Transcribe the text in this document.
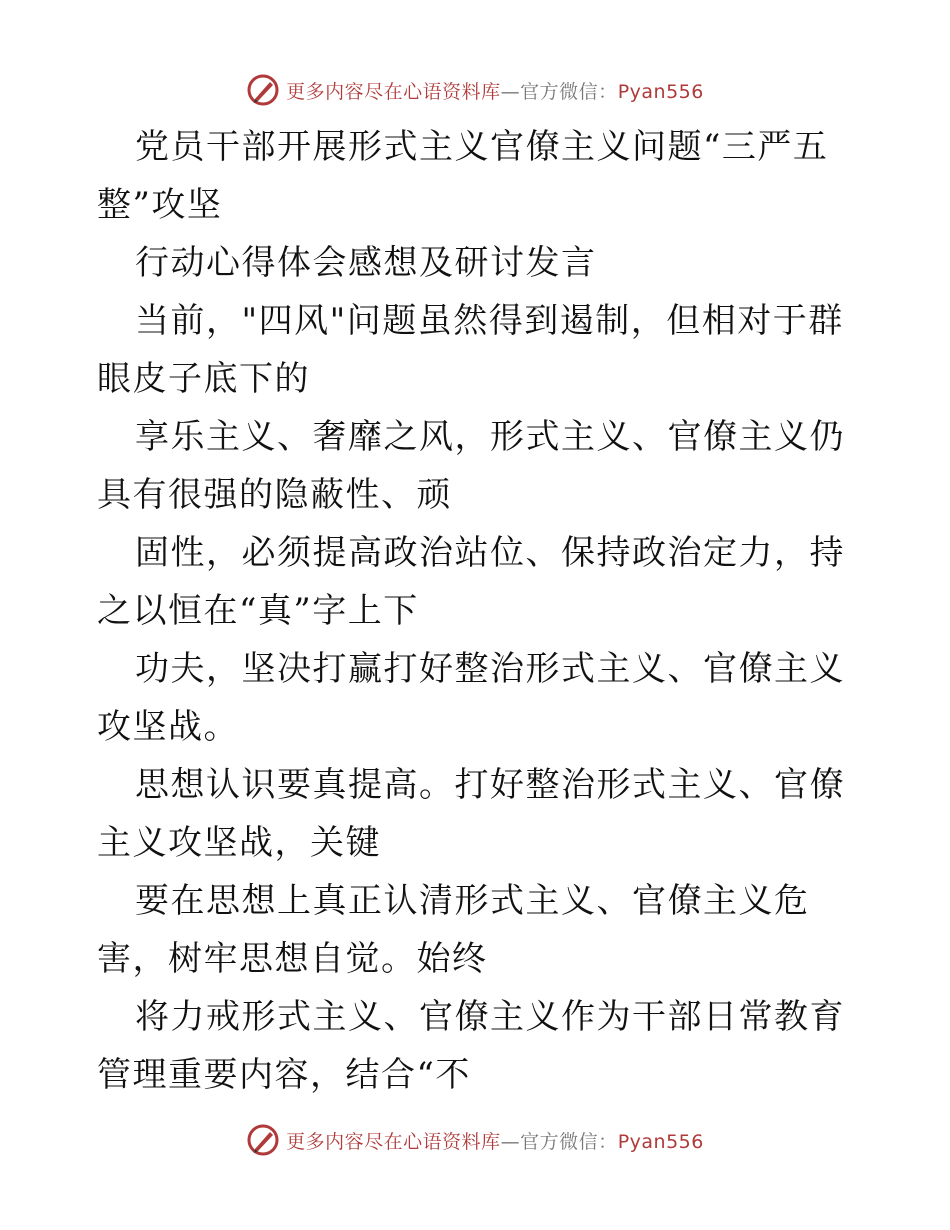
更多内容尽在心语资料库—官方微信：Pyan556

党员干部开展形式主义官僚主义问题“三严五整”攻坚

行动心得体会感想及研讨发言

当前，"四风"问题虽然得到遏制，但相对于群眼皮子底下的

享乐主义、奢靡之风，形式主义、官僚主义仍具有很强的隐蔽性、顽

固性，必须提高政治站位、保持政治定力，持之以恒在“真”字上下

功夫，坚决打赢打好整治形式主义、官僚主义攻坚战。

思想认识要真提高。打好整治形式主义、官僚主义攻坚战，关键

要在思想上真正认清形式主义、官僚主义危害，树牢思想自觉。始终

将力戒形式主义、官僚主义作为干部日常教育管理重要内容，结合“不

更多内容尽在心语资料库—官方微信：Pyan556
